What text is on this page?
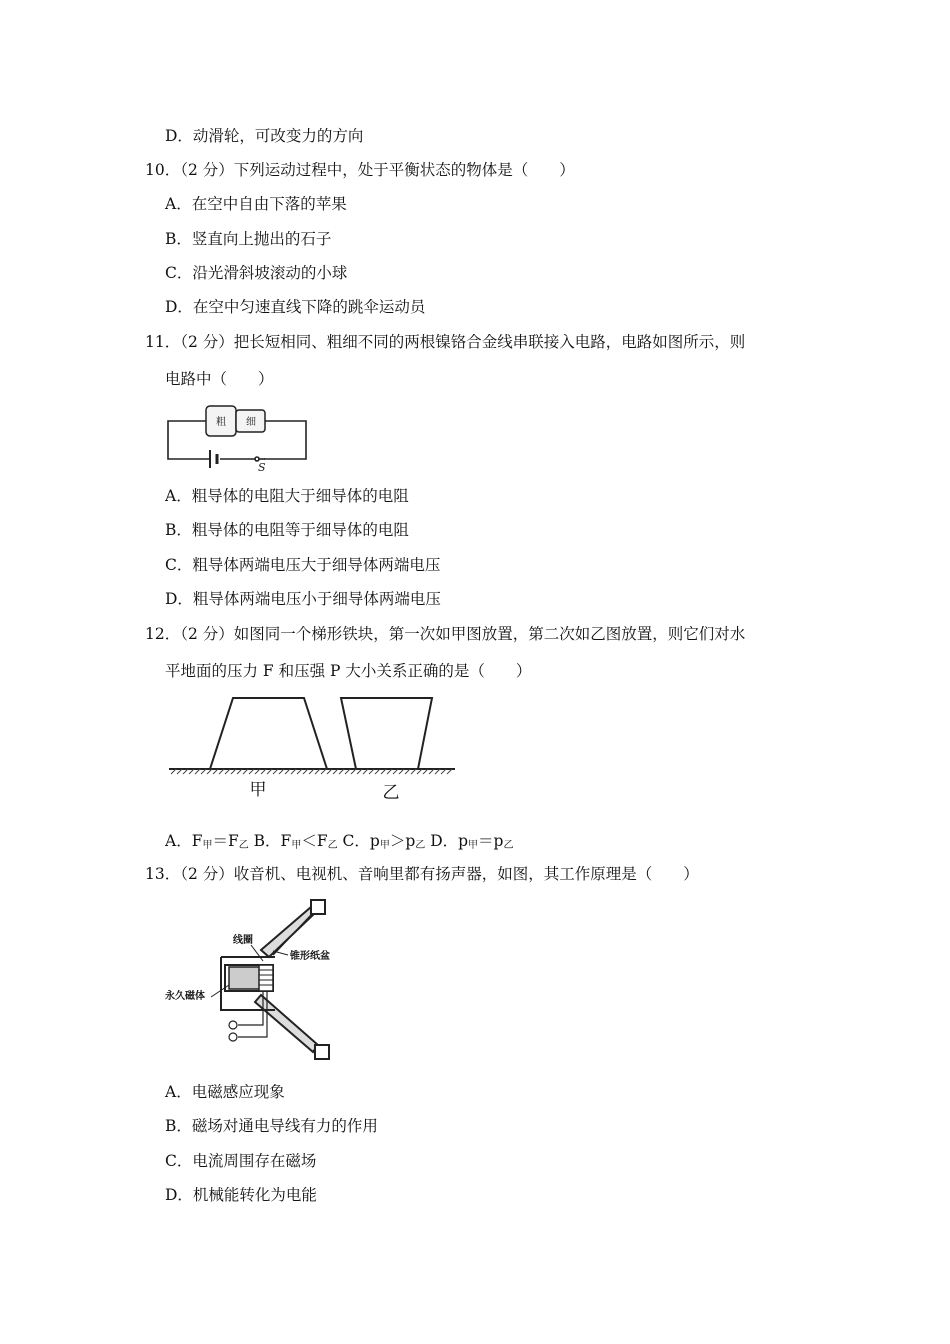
D．动滑轮，可改变力的方向
10．（2 分）下列运动过程中，处于平衡状态的物体是（　　）
A．在空中自由下落的苹果
B．竖直向上抛出的石子
C．沿光滑斜坡滚动的小球
D．在空中匀速直线下降的跳伞运动员
11．（2 分）把长短相同、粗细不同的两根镍铬合金线串联接入电路，电路如图所示，则
电路中（　　）
粗 细
S
A．粗导体的电阻大于细导体的电阻
B．粗导体的电阻等于细导体的电阻
C．粗导体两端电压大于细导体两端电压
D．粗导体两端电压小于细导体两端电压
12．（2 分）如图同一个梯形铁块，第一次如甲图放置，第二次如乙图放置，则它们对水
平地面的压力 F 和压强 P 大小关系正确的是（　　）
甲	乙
A．$F_甲=F_乙$ B．$F_甲<F_乙$ C．$p_甲>p_乙$ D．$p_甲=p_乙$
13．（2 分）收音机、电视机、音响里都有扬声器，如图，其工作原理是（　　）
线圈
锥形纸盆
永久磁体
A．电磁感应现象
B．磁场对通电导线有力的作用
C．电流周围存在磁场
D．机械能转化为电能
